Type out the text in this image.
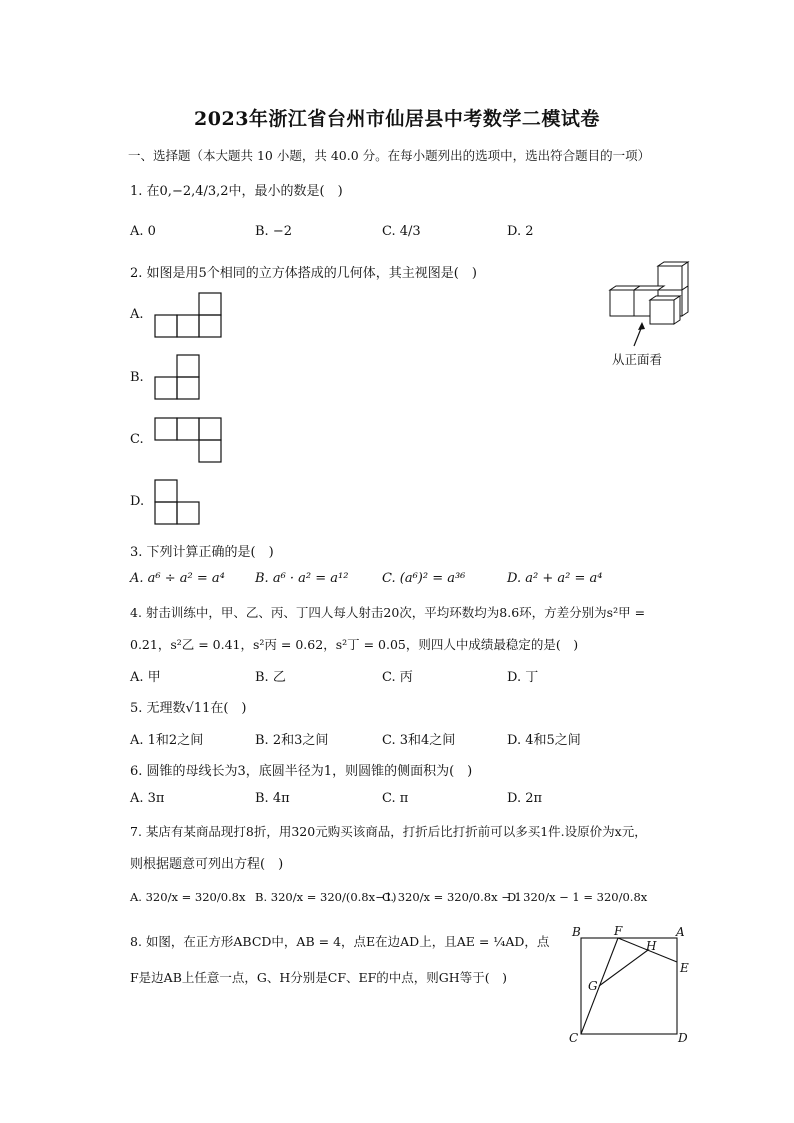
2023年浙江省台州市仙居县中考数学二模试卷
一、选择题（本大题共 10 小题，共 40.0 分。在每小题列出的选项中，选出符合题目的一项）
1. 在0,−2,4/3,2中，最小的数是(　)
A. 0	B. −2	C. 4/3	D. 2
2. 如图是用5个相同的立方体搭成的几何体，其主视图是(　)
从正面看
A.
B.
C.
D.
3. 下列计算正确的是(　)
A. a⁶ ÷ a² = a⁴ B. a⁶ · a² = a¹²	C. (a⁶)² = a³⁶	D. a² + a² = a⁴
4. 射击训练中，甲、乙、丙、丁四人每人射击20次，平均环数均为8.6环，方差分别为s²甲 =
0.21，s²乙 = 0.41，s²丙 = 0.62，s²丁 = 0.05，则四人中成绩最稳定的是(　)
A. 甲	B. 乙	C. 丙	D. 丁
5. 无理数√11在(　)
A. 1和2之间	B. 2和3之间	C. 3和4之间	D. 4和5之间
6. 圆锥的母线长为3，底圆半径为1，则圆锥的侧面积为(　)
A. 3π	B. 4π	C. π	D. 2π
7. 某店有某商品现打8折，用320元购买该商品，打折后比打折前可以多买1件.设原价为x元，
则根据题意可列出方程(　)
A. 320/x = 320/0.8x B. 320/x = 320/(0.8x−1)
C. 320/x = 320/0.8x − 1
D. 320/x − 1 = 320/0.8x
8. 如图，在正方形ABCD中，AB = 4，点E在边AD上，且AE = ¼AD，点
F是边AB上任意一点，G、H分别是CF、EF的中点，则GH等于(　)
B	F	A
H
E
G
C	D
